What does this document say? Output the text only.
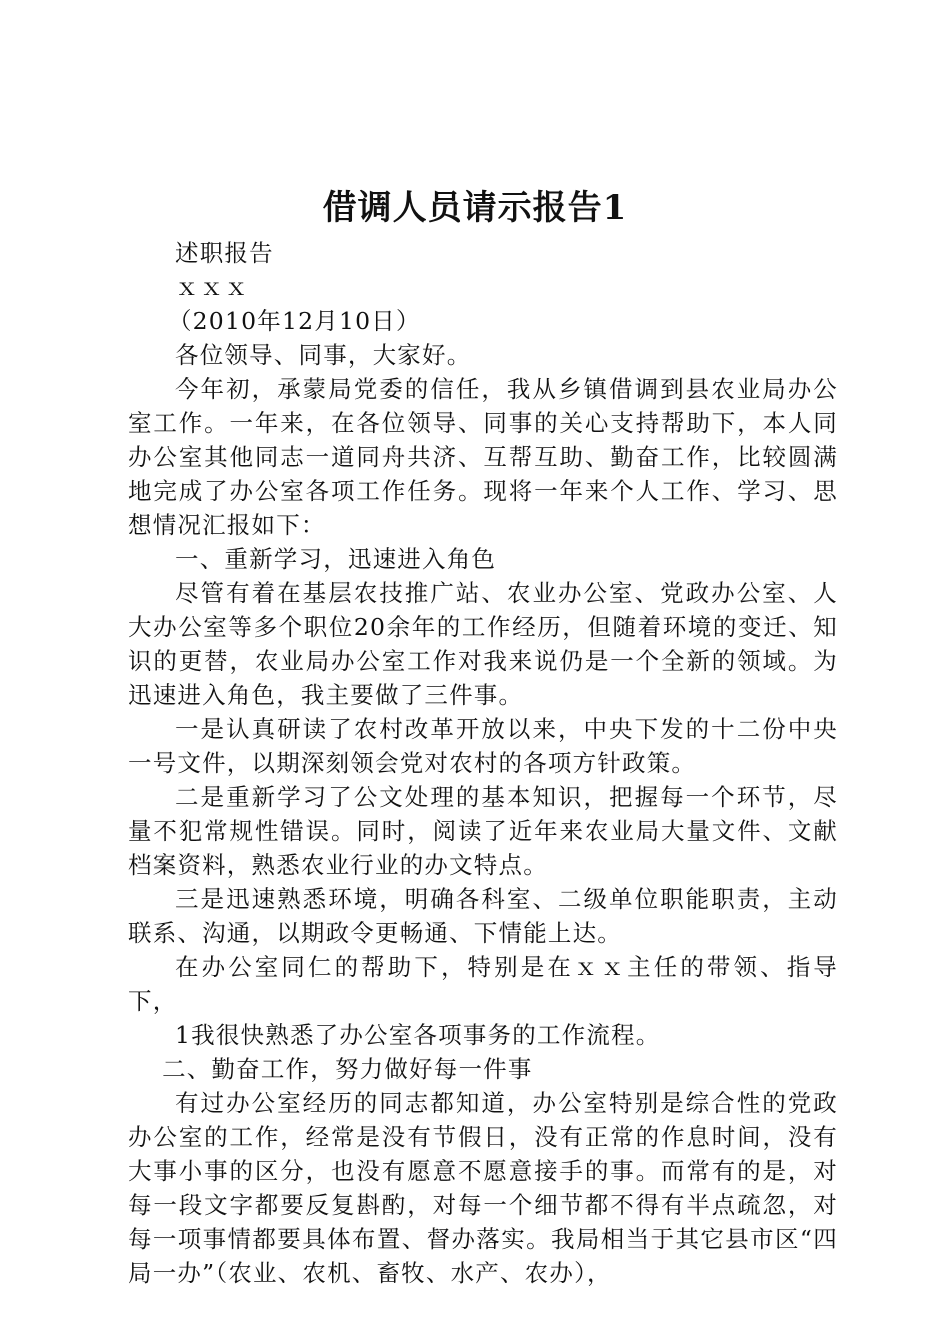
借调人员请示报告1

述职报告

ｘｘｘ

（2010年12月10日）

各位领导、同事，大家好。

今年初，承蒙局党委的信任，我从乡镇借调到县农业局办公室工作。一年来，在各位领导、同事的关心支持帮助下，本人同办公室其他同志一道同舟共济、互帮互助、勤奋工作，比较圆满地完成了办公室各项工作任务。现将一年来个人工作、学习、思想情况汇报如下：

一、重新学习，迅速进入角色

尽管有着在基层农技推广站、农业办公室、党政办公室、人大办公室等多个职位20余年的工作经历，但随着环境的变迁、知识的更替，农业局办公室工作对我来说仍是一个全新的领域。为迅速进入角色，我主要做了三件事。

一是认真研读了农村改革开放以来，中央下发的十二份中央一号文件，以期深刻领会党对农村的各项方针政策。

二是重新学习了公文处理的基本知识，把握每一个环节，尽量不犯常规性错误。同时，阅读了近年来农业局大量文件、文献档案资料，熟悉农业行业的办文特点。

三是迅速熟悉环境，明确各科室、二级单位职能职责，主动联系、沟通，以期政令更畅通、下情能上达。

在办公室同仁的帮助下，特别是在ｘｘ主任的带领、指导下，

1我很快熟悉了办公室各项事务的工作流程。

二、勤奋工作，努力做好每一件事

有过办公室经历的同志都知道，办公室特别是综合性的党政办公室的工作，经常是没有节假日，没有正常的作息时间，没有大事小事的区分，也没有愿意不愿意接手的事。而常有的是，对每一段文字都要反复斟酌，对每一个细节都不得有半点疏忽，对每一项事情都要具体布置、督办落实。我局相当于其它县市区“四局一办”（农业、农机、畜牧、水产、农办），
